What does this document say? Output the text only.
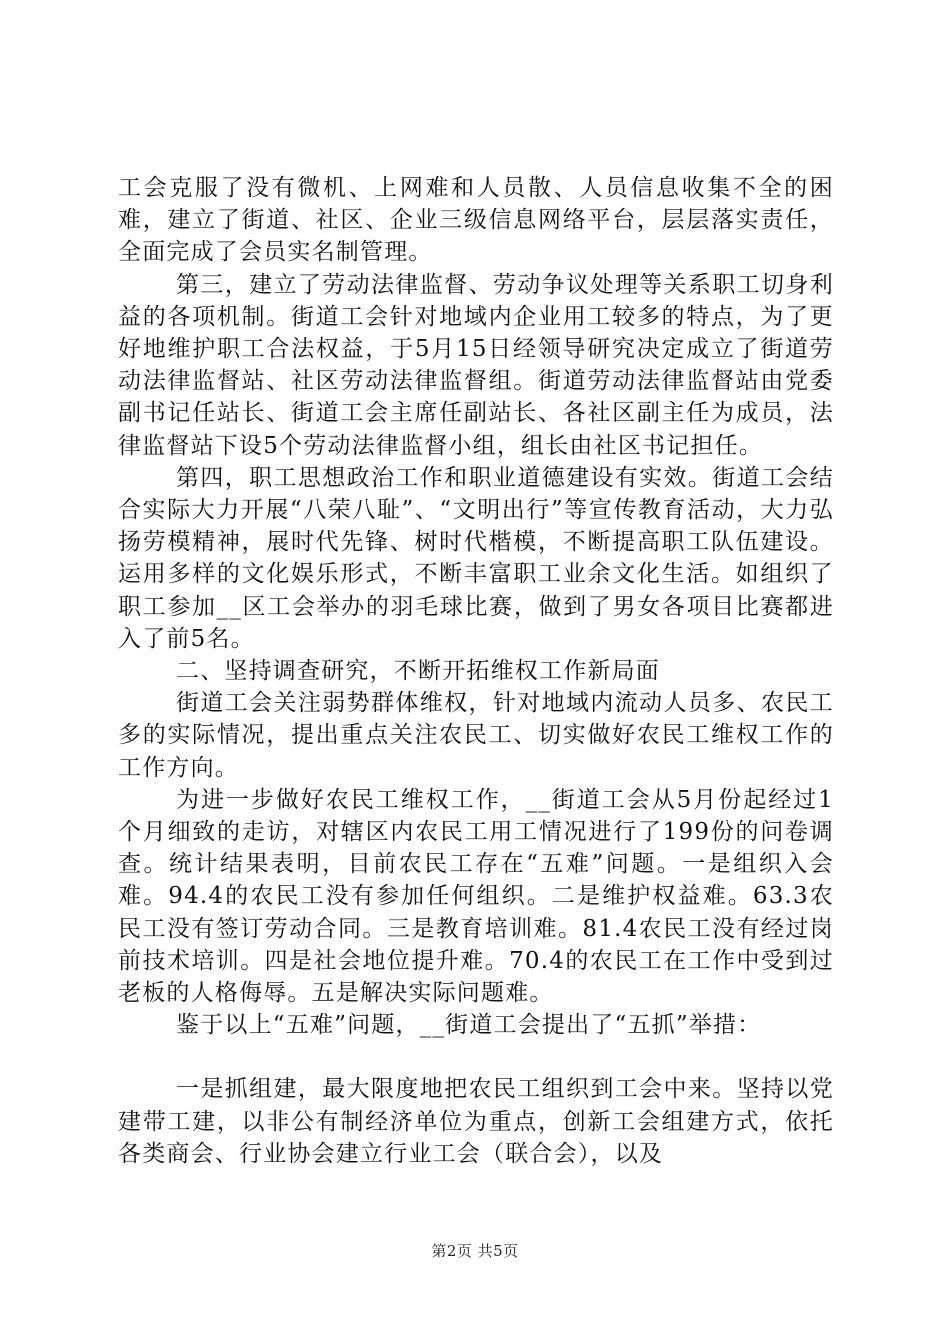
工会克服了没有微机、上网难和人员散、人员信息收集不全的困难，建立了街道、社区、企业三级信息网络平台，层层落实责任，全面完成了会员实名制管理。

第三，建立了劳动法律监督、劳动争议处理等关系职工切身利益的各项机制。街道工会针对地域内企业用工较多的特点，为了更好地维护职工合法权益，于5月15日经领导研究决定成立了街道劳动法律监督站、社区劳动法律监督组。街道劳动法律监督站由党委副书记任站长、街道工会主席任副站长、各社区副主任为成员，法律监督站下设5个劳动法律监督小组，组长由社区书记担任。

第四，职工思想政治工作和职业道德建设有实效。街道工会结合实际大力开展“八荣八耻”、“文明出行”等宣传教育活动，大力弘扬劳模精神，展时代先锋、树时代楷模，不断提高职工队伍建设。运用多样的文化娱乐形式，不断丰富职工业余文化生活。如组织了职工参加__区工会举办的羽毛球比赛，做到了男女各项目比赛都进入了前5名。

二、坚持调查研究，不断开拓维权工作新局面

街道工会关注弱势群体维权，针对地域内流动人员多、农民工多的实际情况，提出重点关注农民工、切实做好农民工维权工作的工作方向。

为进一步做好农民工维权工作，__街道工会从5月份起经过1个月细致的走访，对辖区内农民工用工情况进行了199份的问卷调查。统计结果表明，目前农民工存在“五难”问题。一是组织入会难。94.4的农民工没有参加任何组织。二是维护权益难。63.3农民工没有签订劳动合同。三是教育培训难。81.4农民工没有经过岗前技术培训。四是社会地位提升难。70.4的农民工在工作中受到过老板的人格侮辱。五是解决实际问题难。

鉴于以上“五难”问题，__街道工会提出了“五抓”举措：

一是抓组建，最大限度地把农民工组织到工会中来。坚持以党建带工建，以非公有制经济单位为重点，创新工会组建方式，依托各类商会、行业协会建立行业工会（联合会），以及

第2页 共5页
